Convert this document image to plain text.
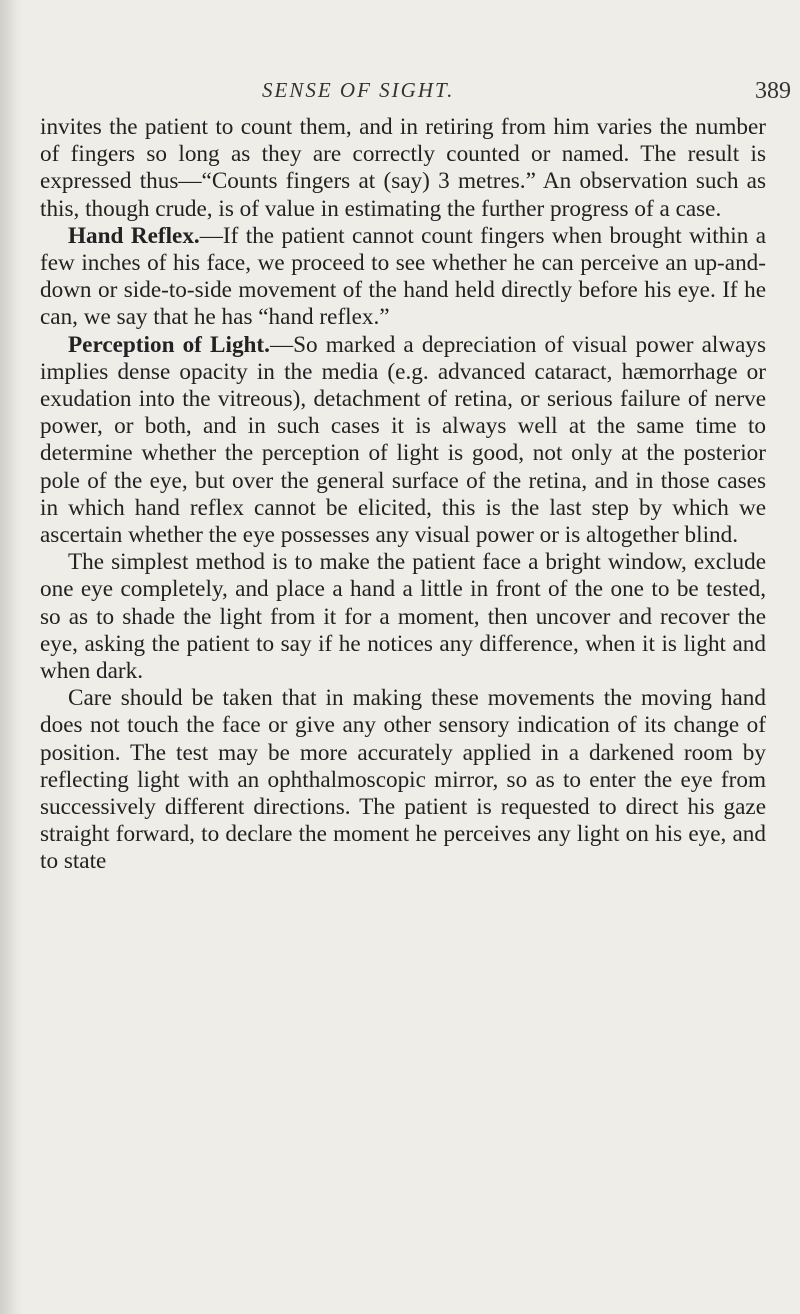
SENSE OF SIGHT.	389

invites the patient to count them, and in retiring from him varies the number of fingers so long as they are correctly counted or named. The result is expressed thus—“Counts fingers at (say) 3 metres.” An observation such as this, though crude, is of value in estimating the further progress of a case.

Hand Reflex.—If the patient cannot count fingers when brought within a few inches of his face, we proceed to see whether he can perceive an up-and-down or side-to-side movement of the hand held directly before his eye. If he can, we say that he has “hand reflex.”

Perception of Light.—So marked a depreciation of visual power always implies dense opacity in the media (e.g. advanced cataract, hæmorrhage or exudation into the vitreous), detachment of retina, or serious failure of nerve power, or both, and in such cases it is always well at the same time to determine whether the perception of light is good, not only at the posterior pole of the eye, but over the general surface of the retina, and in those cases in which hand reflex cannot be elicited, this is the last step by which we ascertain whether the eye possesses any visual power or is altogether blind.

The simplest method is to make the patient face a bright window, exclude one eye completely, and place a hand a little in front of the one to be tested, so as to shade the light from it for a moment, then uncover and recover the eye, asking the patient to say if he notices any difference, when it is light and when dark.

Care should be taken that in making these movements the moving hand does not touch the face or give any other sensory indication of its change of position. The test may be more accurately applied in a darkened room by reflecting light with an ophthalmoscopic mirror, so as to enter the eye from successively different directions. The patient is requested to direct his gaze straight forward, to declare the moment he perceives any light on his eye, and to state
